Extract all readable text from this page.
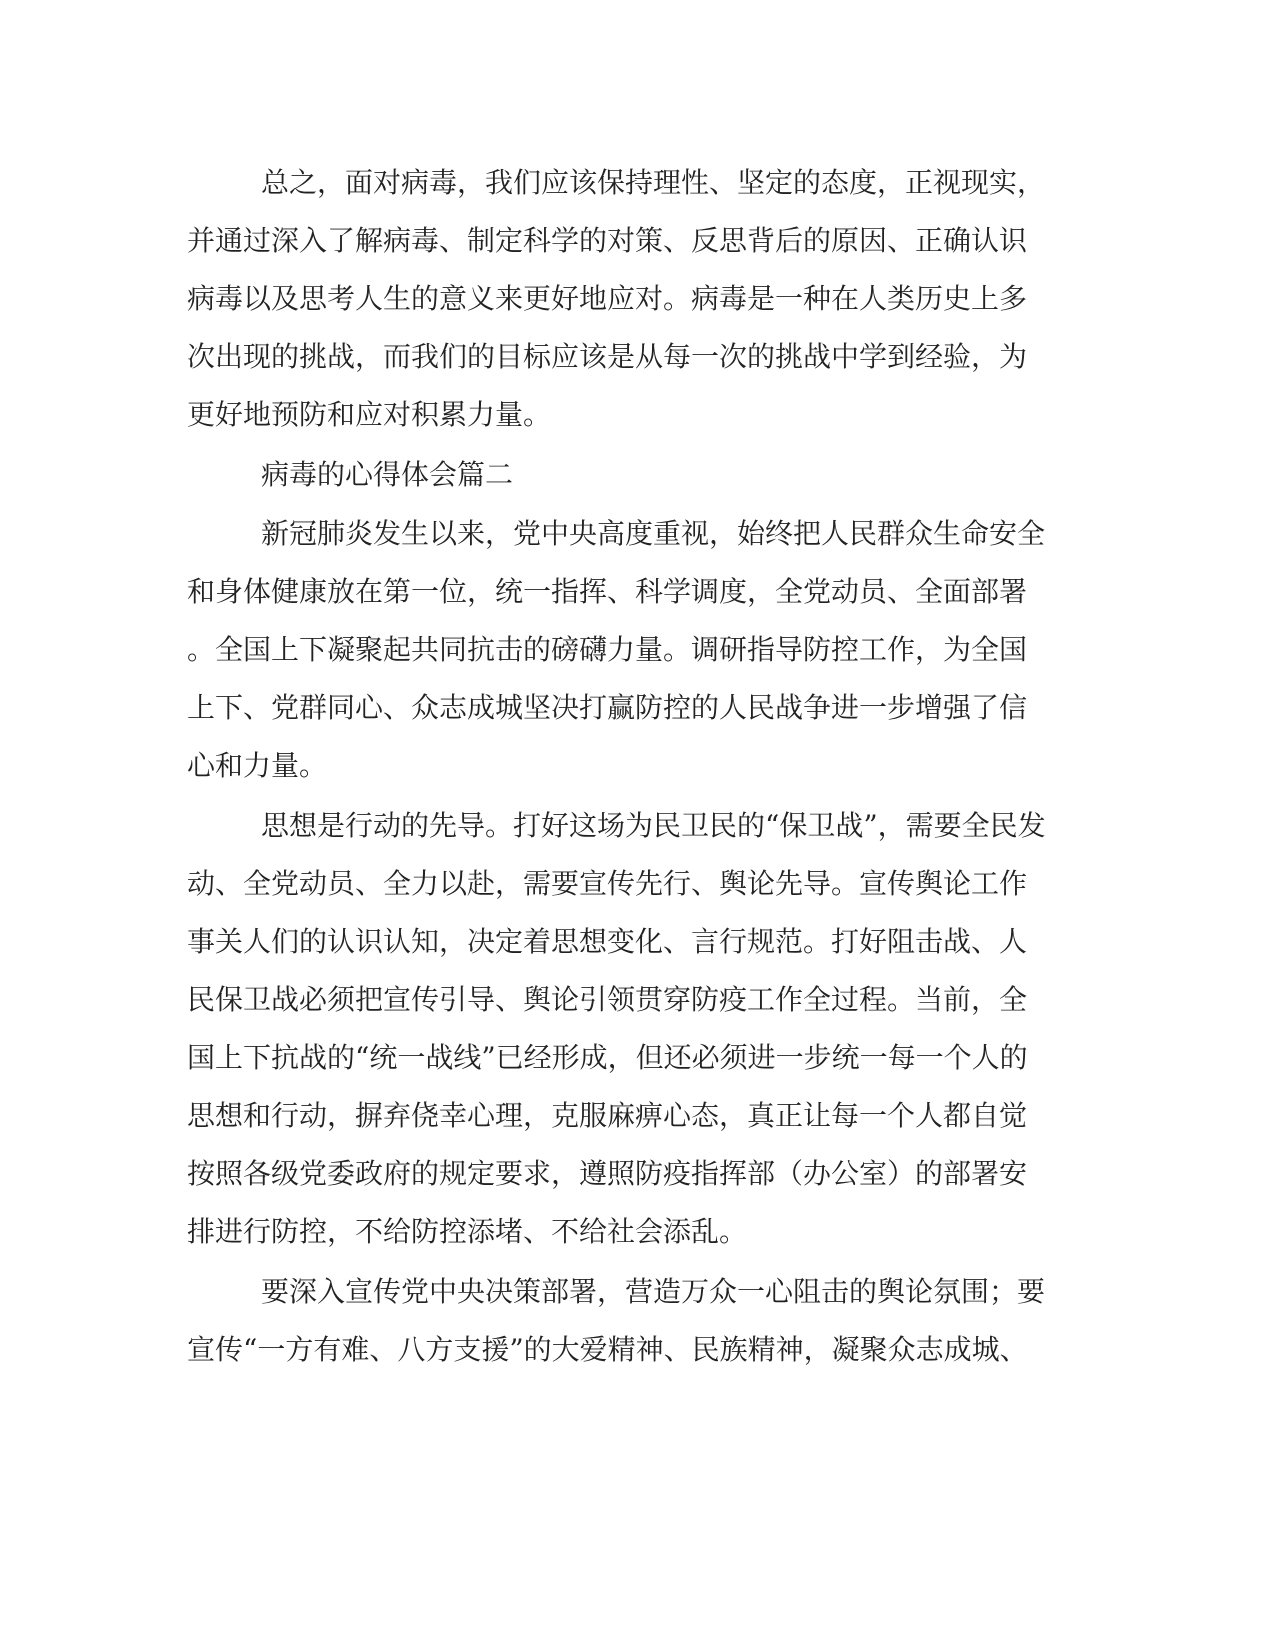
总之，面对病毒，我们应该保持理性、坚定的态度，正视现实，
并通过深入了解病毒、制定科学的对策、反思背后的原因、正确认识
病毒以及思考人生的意义来更好地应对。病毒是一种在人类历史上多
次出现的挑战，而我们的目标应该是从每一次的挑战中学到经验，为
更好地预防和应对积累力量。
病毒的心得体会篇二
新冠肺炎发生以来，党中央高度重视，始终把人民群众生命安全
和身体健康放在第一位，统一指挥、科学调度，全党动员、全面部署
。全国上下凝聚起共同抗击的磅礴力量。调研指导防控工作，为全国
上下、党群同心、众志成城坚决打赢防控的人民战争进一步增强了信
心和力量。
思想是行动的先导。打好这场为民卫民的“保卫战”，需要全民发
动、全党动员、全力以赴，需要宣传先行、舆论先导。宣传舆论工作
事关人们的认识认知，决定着思想变化、言行规范。打好阻击战、人
民保卫战必须把宣传引导、舆论引领贯穿防疫工作全过程。当前，全
国上下抗战的“统一战线”已经形成，但还必须进一步统一每一个人的
思想和行动，摒弃侥幸心理，克服麻痹心态，真正让每一个人都自觉
按照各级党委政府的规定要求，遵照防疫指挥部（办公室）的部署安
排进行防控，不给防控添堵、不给社会添乱。
要深入宣传党中央决策部署，营造万众一心阻击的舆论氛围；要
宣传“一方有难、八方支援”的大爱精神、民族精神，凝聚众志成城、
